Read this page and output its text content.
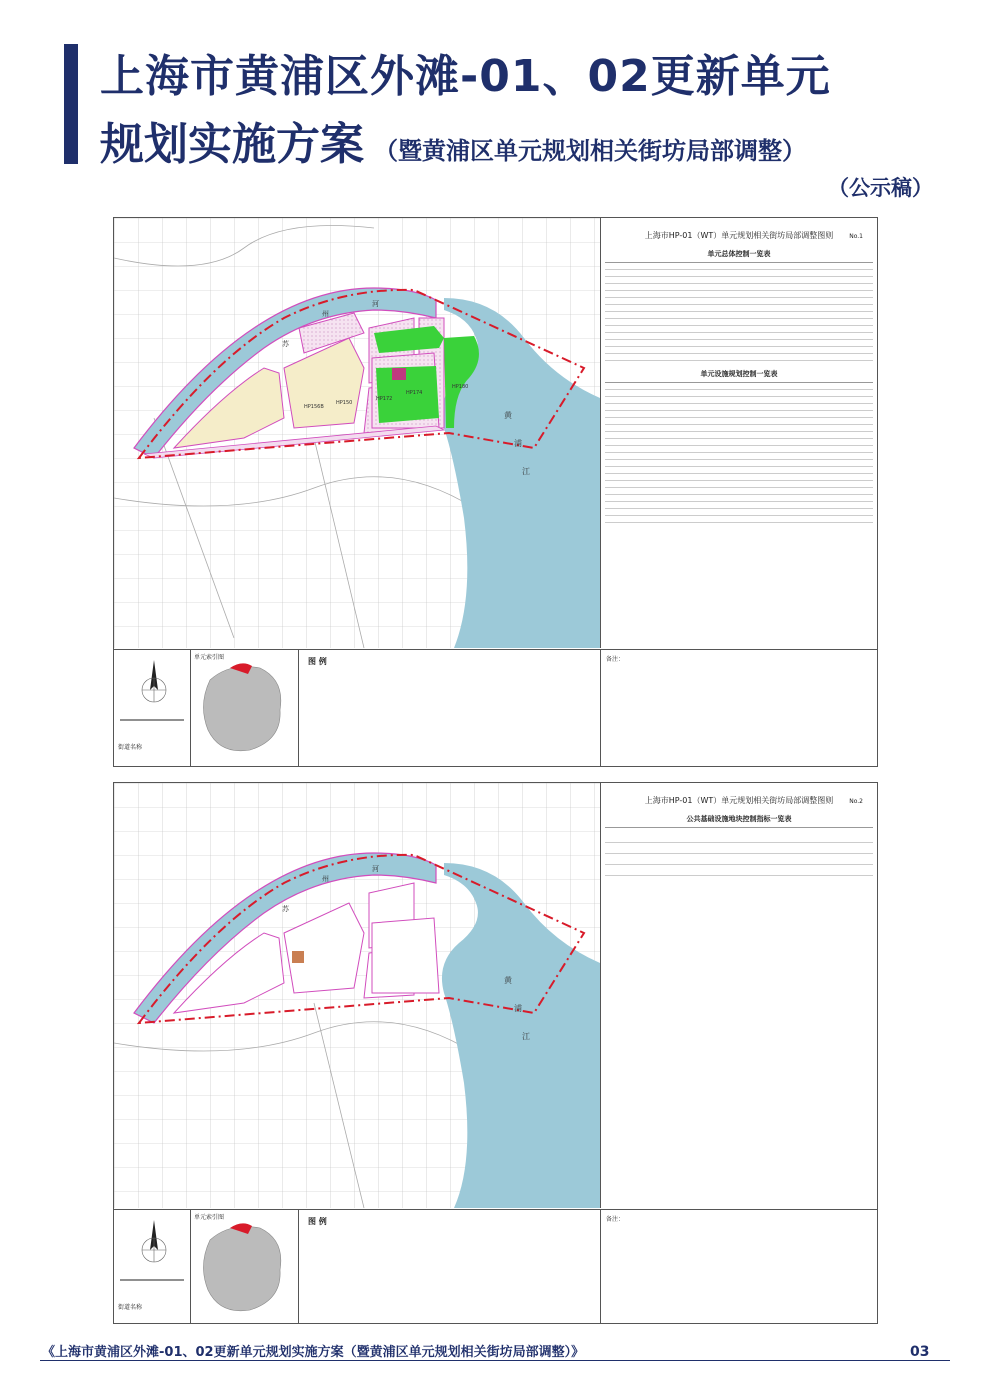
上海市黄浦区外滩-01、02更新单元
规划实施方案 （暨黄浦区单元规划相关街坊局部调整）
（公示稿）
黄
浦
江
苏
州
河
HP172
HP150
HP156B
HP174
HP180
上海市HP-01（WT）单元规划相关街坊局部调整图则	No.1
单元总体控制一览表
单元设施规划控制一览表
街道名称
单元索引图	图 例	备注：
黄
浦
江
苏
州
河
上海市HP-01（WT）单元规划相关街坊局部调整图则	No.2
公共基础设施地块控制指标一览表
街道名称
单元索引图	图 例	备注：
《上海市黄浦区外滩-01、02更新单元规划实施方案（暨黄浦区单元规划相关街坊局部调整）》	03
